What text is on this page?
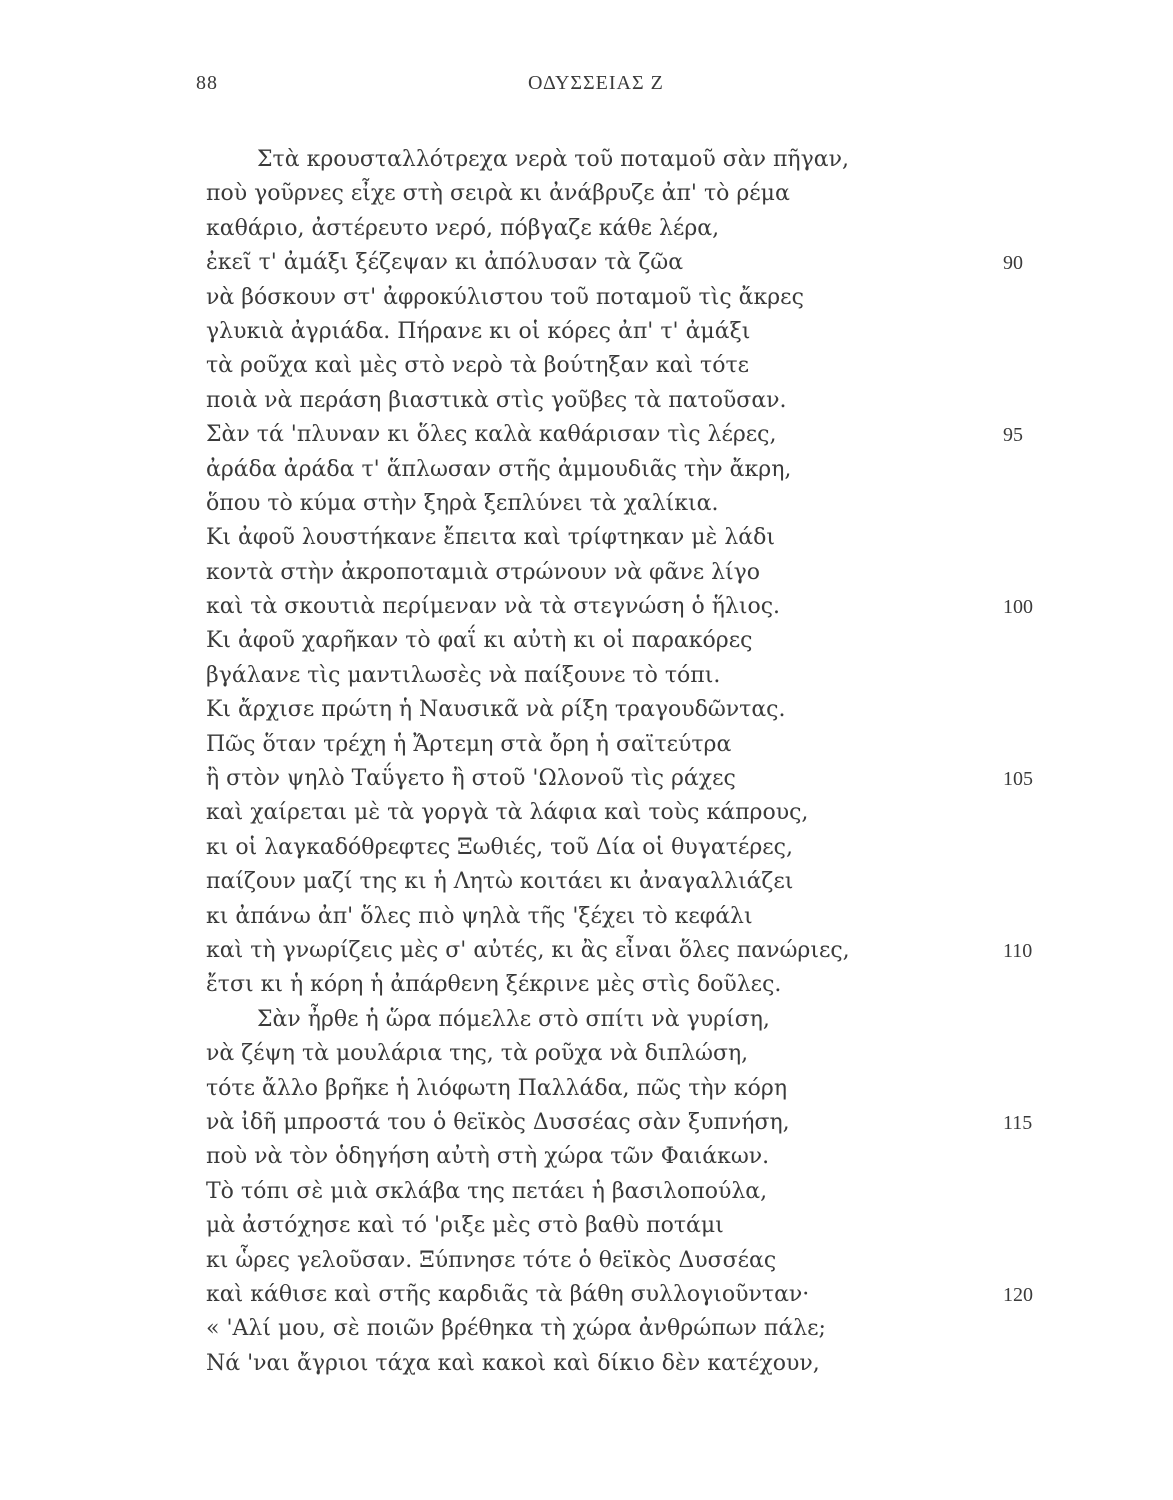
88	ΟΔΥΣΣΕΙΑΣ Ζ
Στὰ κρουσταλλότρεχα νερὰ τοῦ ποταμοῦ σὰν πῆγαν,
ποὺ γοῦρνες εἶχε στὴ σειρὰ κι ἀνάβρυζε ἀπ' τὸ ρέμα
καθάριο, ἀστέρευτο νερό, πόβγαζε κάθε λέρα,
ἐκεῖ τ' ἀμάξι ξέζεψαν κι ἀπόλυσαν τὰ ζῶα	90
νὰ βόσκουν στ' ἀφροκύλιστου τοῦ ποταμοῦ τὶς ἄκρες
γλυκιὰ ἀγριάδα. Πήρανε κι οἱ κόρες ἀπ' τ' ἀμάξι
τὰ ροῦχα καὶ μὲς στὸ νερὸ τὰ βούτηξαν καὶ τότε
ποιὰ νὰ περάση βιαστικὰ στὶς γοῦβες τὰ πατοῦσαν.
Σὰν τά 'πλυναν κι ὅλες καλὰ καθάρισαν τὶς λέρες,	95
ἀράδα ἀράδα τ' ἅπλωσαν στῆς ἀμμουδιᾶς τὴν ἄκρη,
ὅπου τὸ κύμα στὴν ξηρὰ ξεπλύνει τὰ χαλίκια.
Κι ἀφοῦ λουστήκανε ἔπειτα καὶ τρίφτηκαν μὲ λάδι
κοντὰ στὴν ἀκροποταμιὰ στρώνουν νὰ φᾶνε λίγο
καὶ τὰ σκουτιὰ περίμεναν νὰ τὰ στεγνώση ὁ ἥλιος.	100
Κι ἀφοῦ χαρῆκαν τὸ φαΐ κι αὐτὴ κι οἱ παρακόρες
βγάλανε τὶς μαντιλωσὲς νὰ παίξουνε τὸ τόπι.
Κι ἄρχισε πρώτη ἡ Ναυσικᾶ νὰ ρίξη τραγουδῶντας.
Πῶς ὅταν τρέχη ἡ Ἄρτεμη στὰ ὄρη ἡ σαϊτεύτρα
ἢ στὸν ψηλὸ Ταΰγετο ἢ στοῦ 'Ωλονοῦ τὶς ράχες	105
καὶ χαίρεται μὲ τὰ γοργὰ τὰ λάφια καὶ τοὺς κάπρους,
κι οἱ λαγκαδόθρεφτες Ξωθιές, τοῦ Δία οἱ θυγατέρες,
παίζουν μαζί της κι ἡ Λητὼ κοιτάει κι ἀναγαλλιάζει
κι ἀπάνω ἀπ' ὅλες πιὸ ψηλὰ τῆς 'ξέχει τὸ κεφάλι
καὶ τὴ γνωρίζεις μὲς σ' αὐτές, κι ἂς εἶναι ὅλες πανώριες,	110
ἔτσι κι ἡ κόρη ἡ ἀπάρθενη ξέκρινε μὲς στὶς δοῦλες.
Σὰν ἦρθε ἡ ὥρα πόμελλε στὸ σπίτι νὰ γυρίση,
νὰ ζέψη τὰ μουλάρια της, τὰ ροῦχα νὰ διπλώση,
τότε ἄλλο βρῆκε ἡ λιόφωτη Παλλάδα, πῶς τὴν κόρη
νὰ ἰδῆ μπροστά του ὁ θεϊκὸς Δυσσέας σὰν ξυπνήση,	115
ποὺ νὰ τὸν ὁδηγήση αὐτὴ στὴ χώρα τῶν Φαιάκων.
Τὸ τόπι σὲ μιὰ σκλάβα της πετάει ἡ βασιλοπούλα,
μὰ ἀστόχησε καὶ τό 'ριξε μὲς στὸ βαθὺ ποτάμι
κι ὧρες γελοῦσαν. Ξύπνησε τότε ὁ θεϊκὸς Δυσσέας
καὶ κάθισε καὶ στῆς καρδιᾶς τὰ βάθη συλλογιοῦνταν·	120
« 'Αλί μου, σὲ ποιῶν βρέθηκα τὴ χώρα ἀνθρώπων πάλε;
Νά 'ναι ἄγριοι τάχα καὶ κακοὶ καὶ δίκιο δὲν κατέχουν,
